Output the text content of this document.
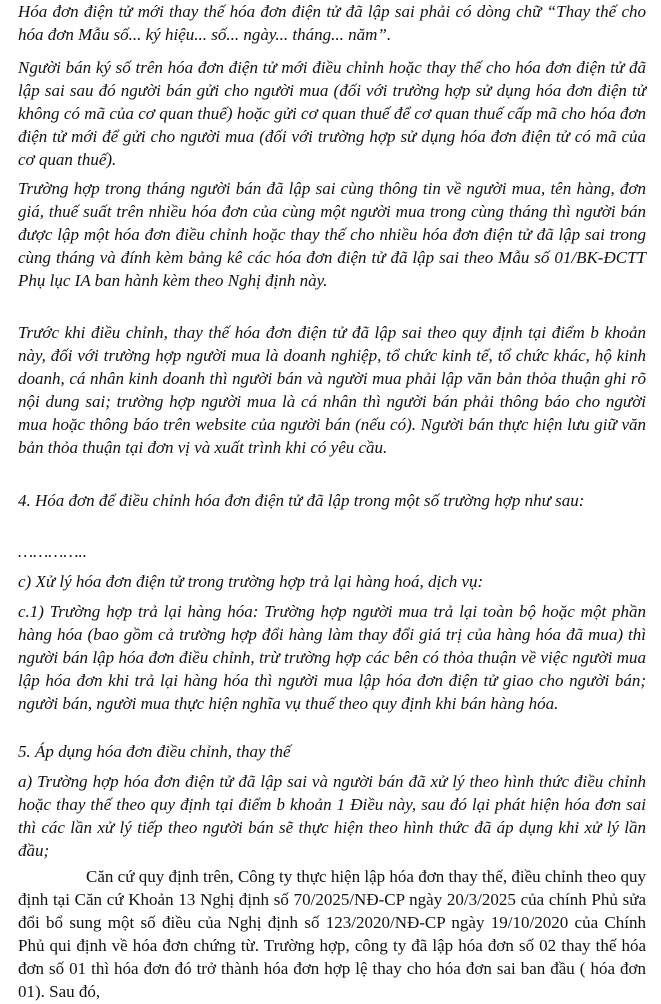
Hóa đơn điện tử mới thay thế hóa đơn điện tử đã lập sai phải có dòng chữ “Thay thế cho hóa đơn Mẫu số... ký hiệu... số... ngày... tháng... năm”.

Người bán ký số trên hóa đơn điện tử mới điều chỉnh hoặc thay thế cho hóa đơn điện tử đã lập sai sau đó người bán gửi cho người mua (đối với trường hợp sử dụng hóa đơn điện tử không có mã của cơ quan thuế) hoặc gửi cơ quan thuế để cơ quan thuế cấp mã cho hóa đơn điện tử mới để gửi cho người mua (đối với trường hợp sử dụng hóa đơn điện tử có mã của cơ quan thuế).

Trường hợp trong tháng người bán đã lập sai cùng thông tin về người mua, tên hàng, đơn giá, thuế suất trên nhiều hóa đơn của cùng một người mua trong cùng tháng thì người bán được lập một hóa đơn điều chỉnh hoặc thay thế cho nhiều hóa đơn điện tử đã lập sai trong cùng tháng và đính kèm bảng kê các hóa đơn điện tử đã lập sai theo Mẫu số 01/BK-ĐCTT Phụ lục IA ban hành kèm theo Nghị định này.

Trước khi điều chỉnh, thay thế hóa đơn điện tử đã lập sai theo quy định tại điểm b khoản này, đối với trường hợp người mua là doanh nghiệp, tổ chức kinh tế, tổ chức khác, hộ kinh doanh, cá nhân kinh doanh thì người bán và người mua phải lập văn bản thỏa thuận ghi rõ nội dung sai; trường hợp người mua là cá nhân thì người bán phải thông báo cho người mua hoặc thông báo trên website của người bán (nếu có). Người bán thực hiện lưu giữ văn bản thỏa thuận tại đơn vị và xuất trình khi có yêu cầu.

4. Hóa đơn để điều chỉnh hóa đơn điện tử đã lập trong một số trường hợp như sau:

…………..

c) Xử lý hóa đơn điện tử trong trường hợp trả lại hàng hoá, dịch vụ:

c.1) Trường hợp trả lại hàng hóa: Trường hợp người mua trả lại toàn bộ hoặc một phần hàng hóa (bao gồm cả trường hợp đổi hàng làm thay đổi giá trị của hàng hóa đã mua) thì người bán lập hóa đơn điều chỉnh, trừ trường hợp các bên có thỏa thuận về việc người mua lập hóa đơn khi trả lại hàng hóa thì người mua lập hóa đơn điện tử giao cho người bán; người bán, người mua thực hiện nghĩa vụ thuế theo quy định khi bán hàng hóa.

5. Áp dụng hóa đơn điều chỉnh, thay thế

a) Trường hợp hóa đơn điện tử đã lập sai và người bán đã xử lý theo hình thức điều chỉnh hoặc thay thế theo quy định tại điểm b khoản 1 Điều này, sau đó lại phát hiện hóa đơn sai thì các lần xử lý tiếp theo người bán sẽ thực hiện theo hình thức đã áp dụng khi xử lý lần đầu;

Căn cứ quy định trên, Công ty thực hiện lập hóa đơn thay thế, điều chỉnh theo quy định tại Căn cứ Khoản 13 Nghị định số 70/2025/NĐ-CP ngày 20/3/2025 của chính Phủ sửa đổi bổ sung một số điều của Nghị định số 123/2020/NĐ-CP ngày 19/10/2020 của Chính Phủ qui định về hóa đơn chứng từ. Trường hợp, công ty đã lập hóa đơn số 02 thay thế hóa đơn số 01 thì hóa đơn đó trở thành hóa đơn hợp lệ thay cho hóa đơn sai ban đầu ( hóa đơn 01). Sau đó,
